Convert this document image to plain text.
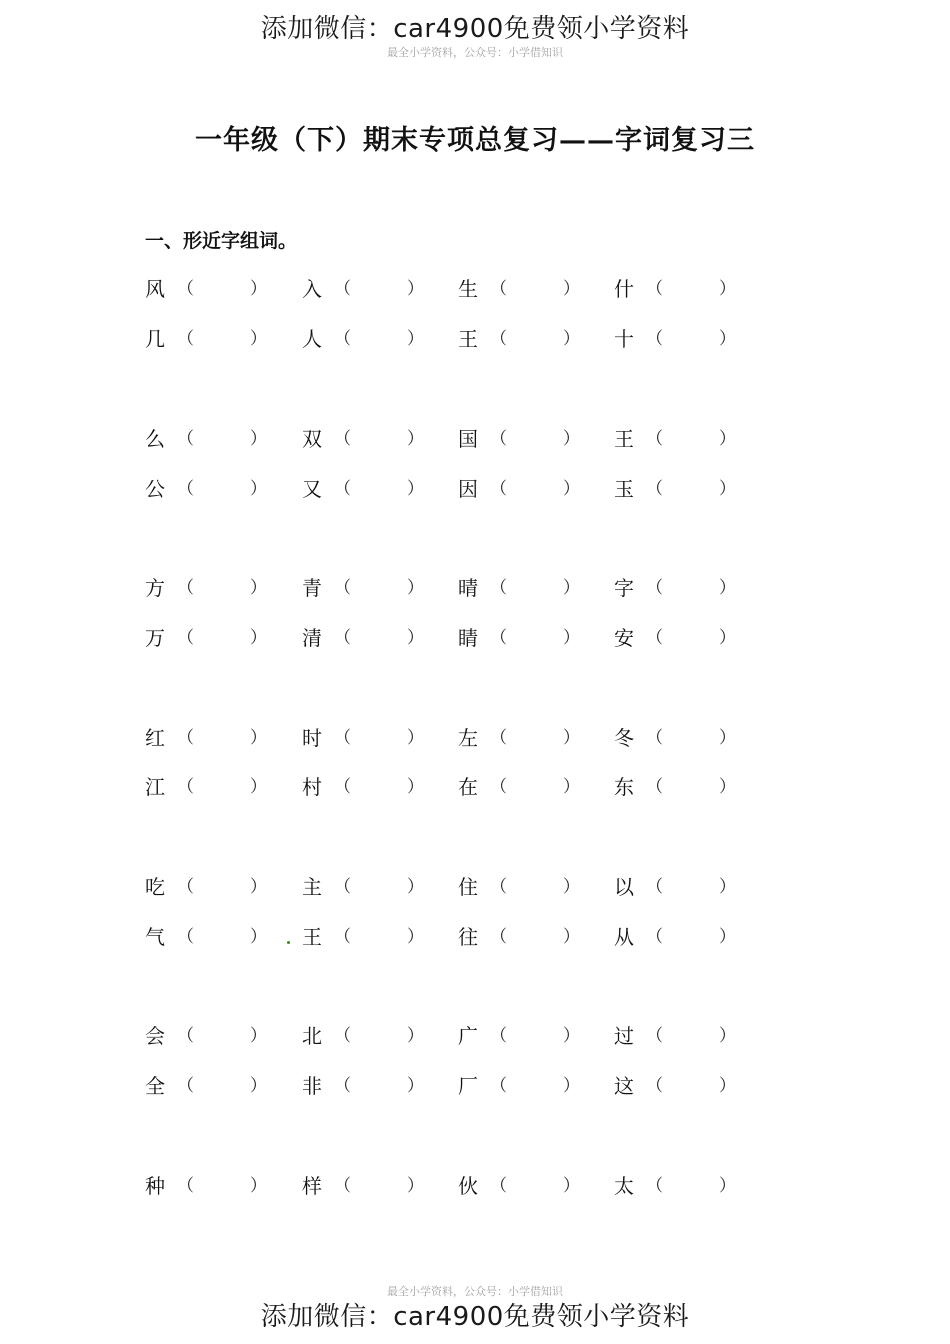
添加微信：car4900免费领小学资料
最全小学资料，公众号：小学借知识
一年级（下）期末专项总复习——字词复习三
一、形近字组词。
风 （	） 入 （	） 生 （	） 什 （	）
几 （	） 人 （	） 王 （	） 十 （	）
么 （	） 双 （	） 国 （	） 王 （	）
公 （	） 又 （	） 因 （	） 玉 （	）
方 （	） 青 （	） 晴 （	） 字 （	）
万 （	） 清 （	） 睛 （	） 安 （	）
红 （	） 时 （	） 左 （	） 冬 （	）
江 （	） 村 （	） 在 （	） 东 （	）
吃 （	） 主 （	） 住 （	） 以 （	）
气 （	） 王 （	） 往 （	） 从 （	）
会 （	） 北 （	） 广 （	） 过 （	）
全 （	） 非 （	） 厂 （	） 这 （	）
种 （	） 样 （	） 伙 （	） 太 （	）
最全小学资料，公众号：小学借知识
添加微信：car4900免费领小学资料
